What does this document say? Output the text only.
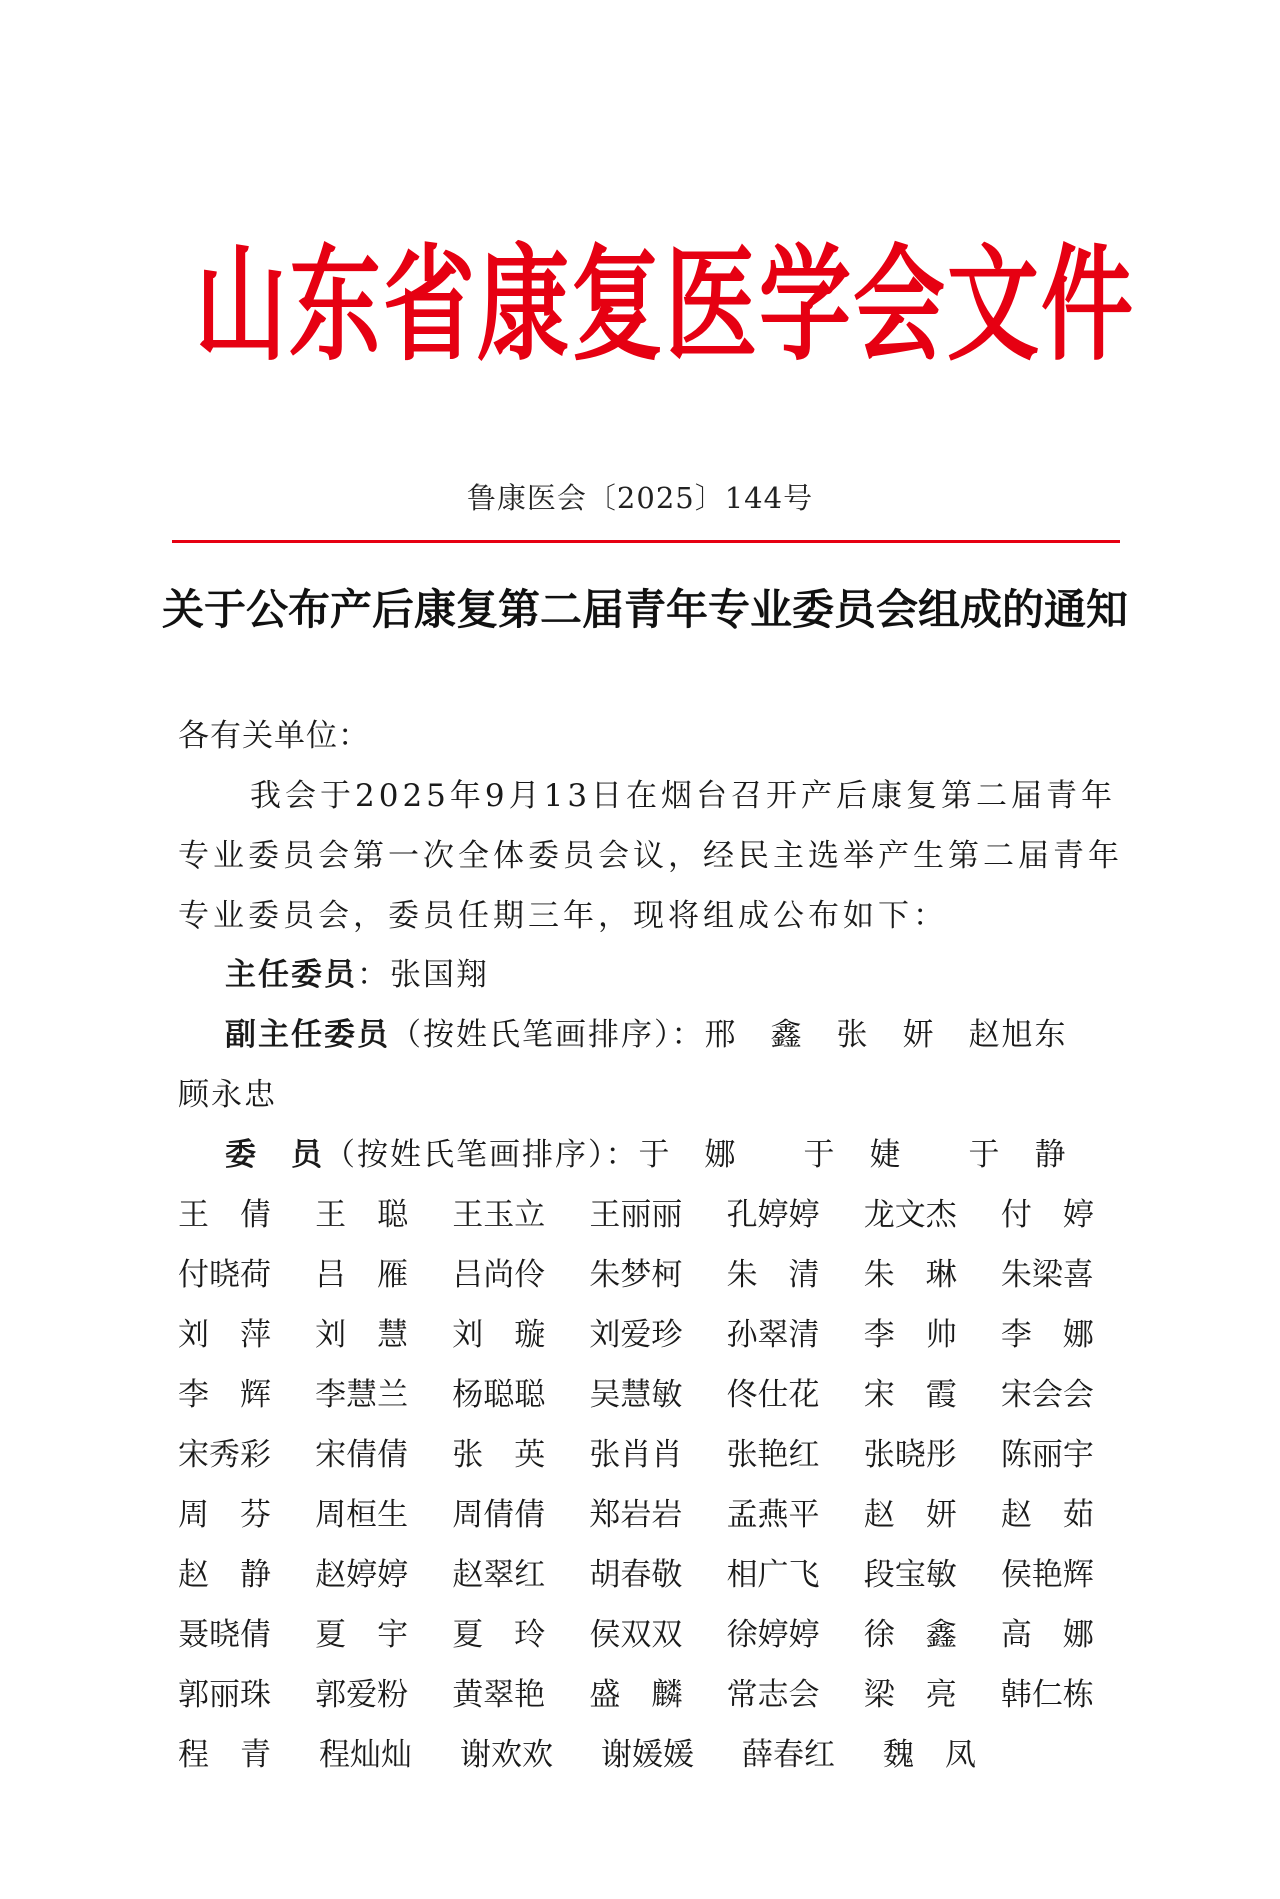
山东省康复医学会文件
鲁康医会〔2025〕144号
关于公布产后康复第二届青年专业委员会组成的通知
各有关单位：
我会于2025年9月13日在烟台召开产后康复第二届青年专业委员会第一次全体委员会议，经民主选举产生第二届青年专业委员会，委员任期三年，现将组成公布如下：
主任委员：张国翔
副主任委员（按姓氏笔画排序）：邢　鑫　张　妍　赵旭东
顾永忠
委　员（按姓氏笔画排序）：于　娜　　 于　婕　　 于　静
王　倩 王　聪 王玉立 王丽丽 孔婷婷 龙文杰 付　婷
付晓荷 吕　雁 吕尚伶 朱梦柯 朱　清 朱　琳 朱梁喜
刘　萍 刘　慧 刘　璇 刘爱珍 孙翠清 李　帅 李　娜
李　辉 李慧兰 杨聪聪 吴慧敏 佟仕花 宋　霞 宋会会
宋秀彩 宋倩倩 张　英 张肖肖 张艳红 张晓彤 陈丽宇
周　芬 周桓生 周倩倩 郑岩岩 孟燕平 赵　妍 赵　茹
赵　静 赵婷婷 赵翠红 胡春敬 相广飞 段宝敏 侯艳辉
聂晓倩 夏　宇 夏　玲 侯双双 徐婷婷 徐　鑫 高　娜
郭丽珠 郭爱粉 黄翠艳 盛　麟 常志会 梁　亮 韩仁栋
程　青 程灿灿 谢欢欢 谢媛媛 薛春红 魏　凤
